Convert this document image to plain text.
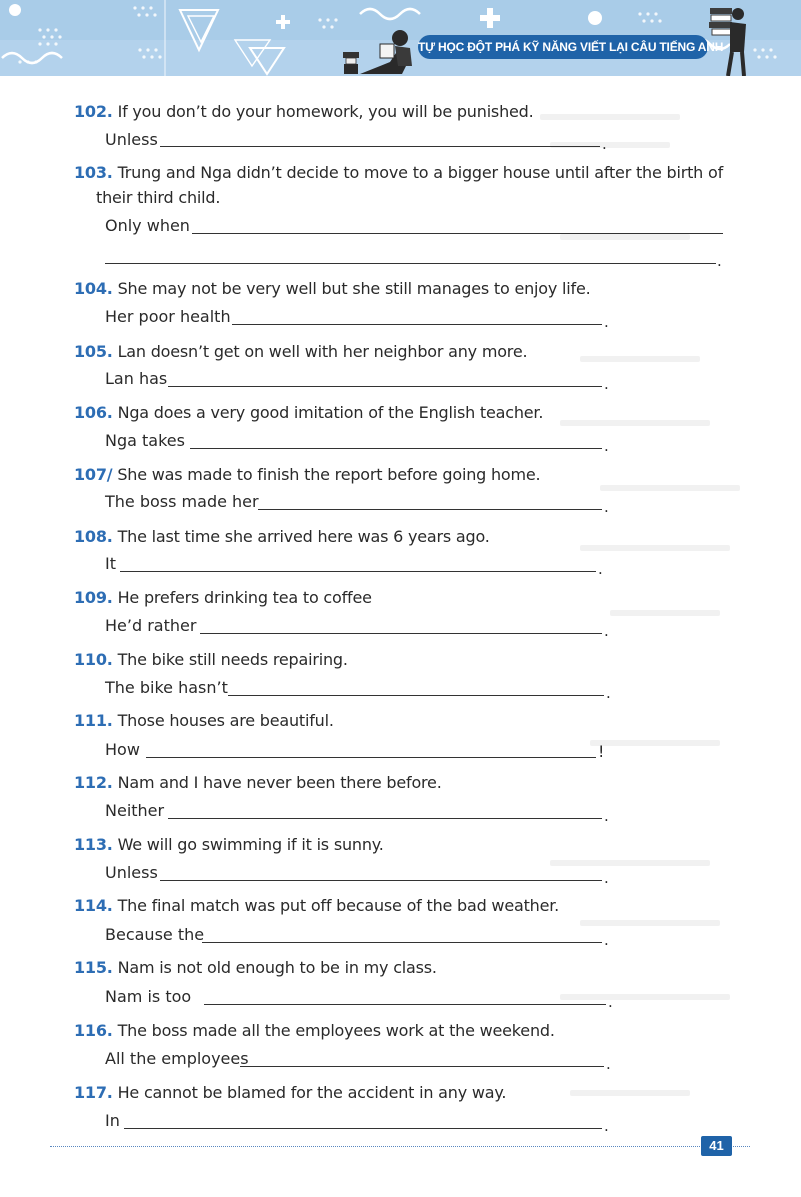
TỰ HỌC ĐỘT PHÁ KỸ NĂNG VIẾT LẠI CÂU TIẾNG ANH
102. If you don’t do your homework, you will be punished.
Unless	.
103. Trung and Nga didn’t decide to move to a bigger house until after the birth of
their third child.
Only when
.
104. She may not be very well but she still manages to enjoy life.
Her poor health	.
105. Lan doesn’t get on well with her neighbor any more.
Lan has	.
106. Nga does a very good imitation of the English teacher.
Nga takes	.
107/ She was made to finish the report before going home.
The boss made her	.
108. The last time she arrived here was 6 years ago.
It	.
109. He prefers drinking tea to coffee
He’d rather	.
110. The bike still needs repairing.
The bike hasn’t	.
111. Those houses are beautiful.
How	!
112. Nam and I have never been there before.
Neither	.
113. We will go swimming if it is sunny.
Unless	.
114. The final match was put off because of the bad weather.
Because the	.
115. Nam is not old enough to be in my class.
Nam is too	.
116. The boss made all the employees work at the weekend.
All the employees	.
117. He cannot be blamed for the accident in any way.
In	.
41
